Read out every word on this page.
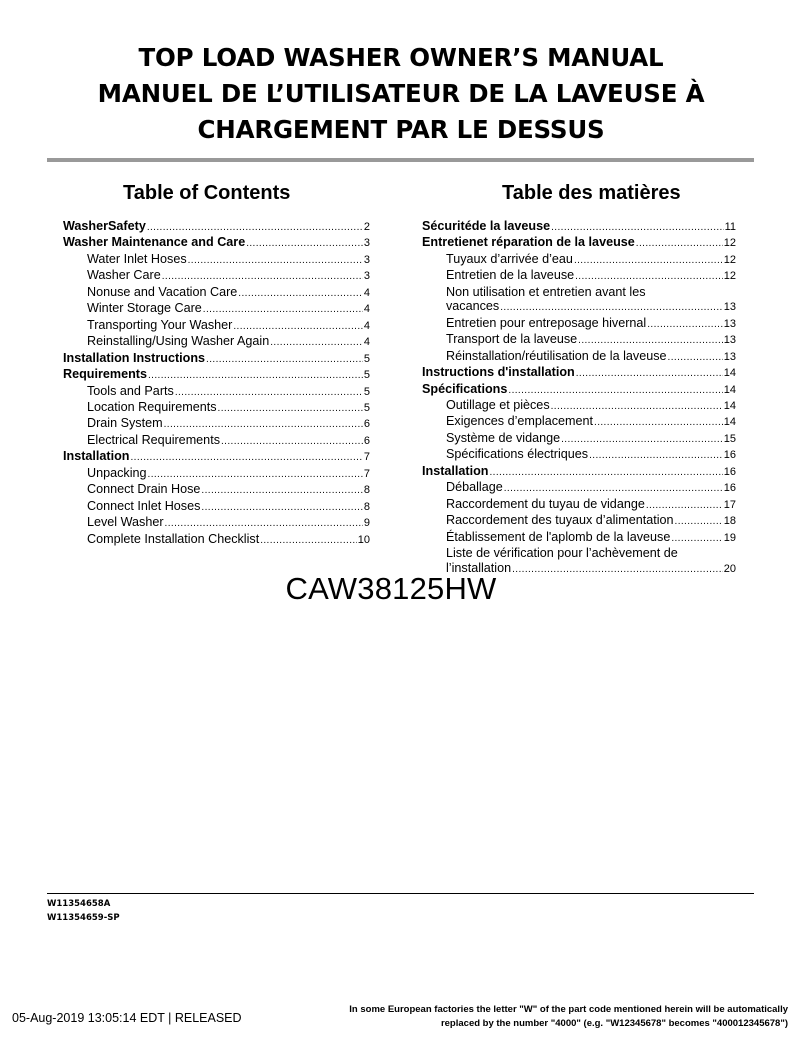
TOP LOAD WASHER OWNER’S MANUAL
MANUEL DE L’UTILISATEUR DE LA LAVEUSE À
CHARGEMENT PAR LE DESSUS
Table of Contents	Table des matières
WasherSafety .....	2
Washer Maintenance and Care .....	3
Water Inlet Hoses .....	3
Washer Care .....	3
Nonuse and Vacation Care .....	4
Winter Storage Care .....	4
Transporting Your Washer .....	4
Reinstalling/Using Washer Again .....	4
Installation Instructions .....	5
Requirements .....	5
Tools and Parts .....	5
Location Requirements .....	5
Drain System .....	6
Electrical Requirements .....	6
Installation .....	7
Unpacking .....	7
Connect Drain Hose .....	8
Connect Inlet Hoses .....	8
Level Washer .....	9
Complete Installation Checklist .....	10
Sécuritéde la laveuse .....	11
Entretienet réparation de la laveuse .....	12
Tuyaux d’arrivée d’eau .....	12
Entretien de la laveuse .....	12
Non utilisation et entretien avant les
vacances .....	13
Entretien pour entreposage hivernal .....	13
Transport de la laveuse .....	13
Réinstallation/réutilisation de la laveuse .....	13
Instructions d'installation .....	14
Spécifications .....	14
Outillage et pièces .....	14
Exigences d’emplacement .....	14
Système de vidange .....	15
Spécifications électriques .....	16
Installation .....	16
Déballage .....	16
Raccordement du tuyau de vidange .....	17
Raccordement des tuyaux d’alimentation .....	18
Établissement de l'aplomb de la laveuse .....	19
Liste de vérification pour l’achèvement de
l’installation .....	20
CAW38125HW
W11354658A
W11354659-SP
05-Aug-2019 13:05:14 EDT | RELEASED
In some European factories the letter "W" of the part code mentioned herein will be automatically
replaced by the number "4000" (e.g. "W12345678" becomes "400012345678")
